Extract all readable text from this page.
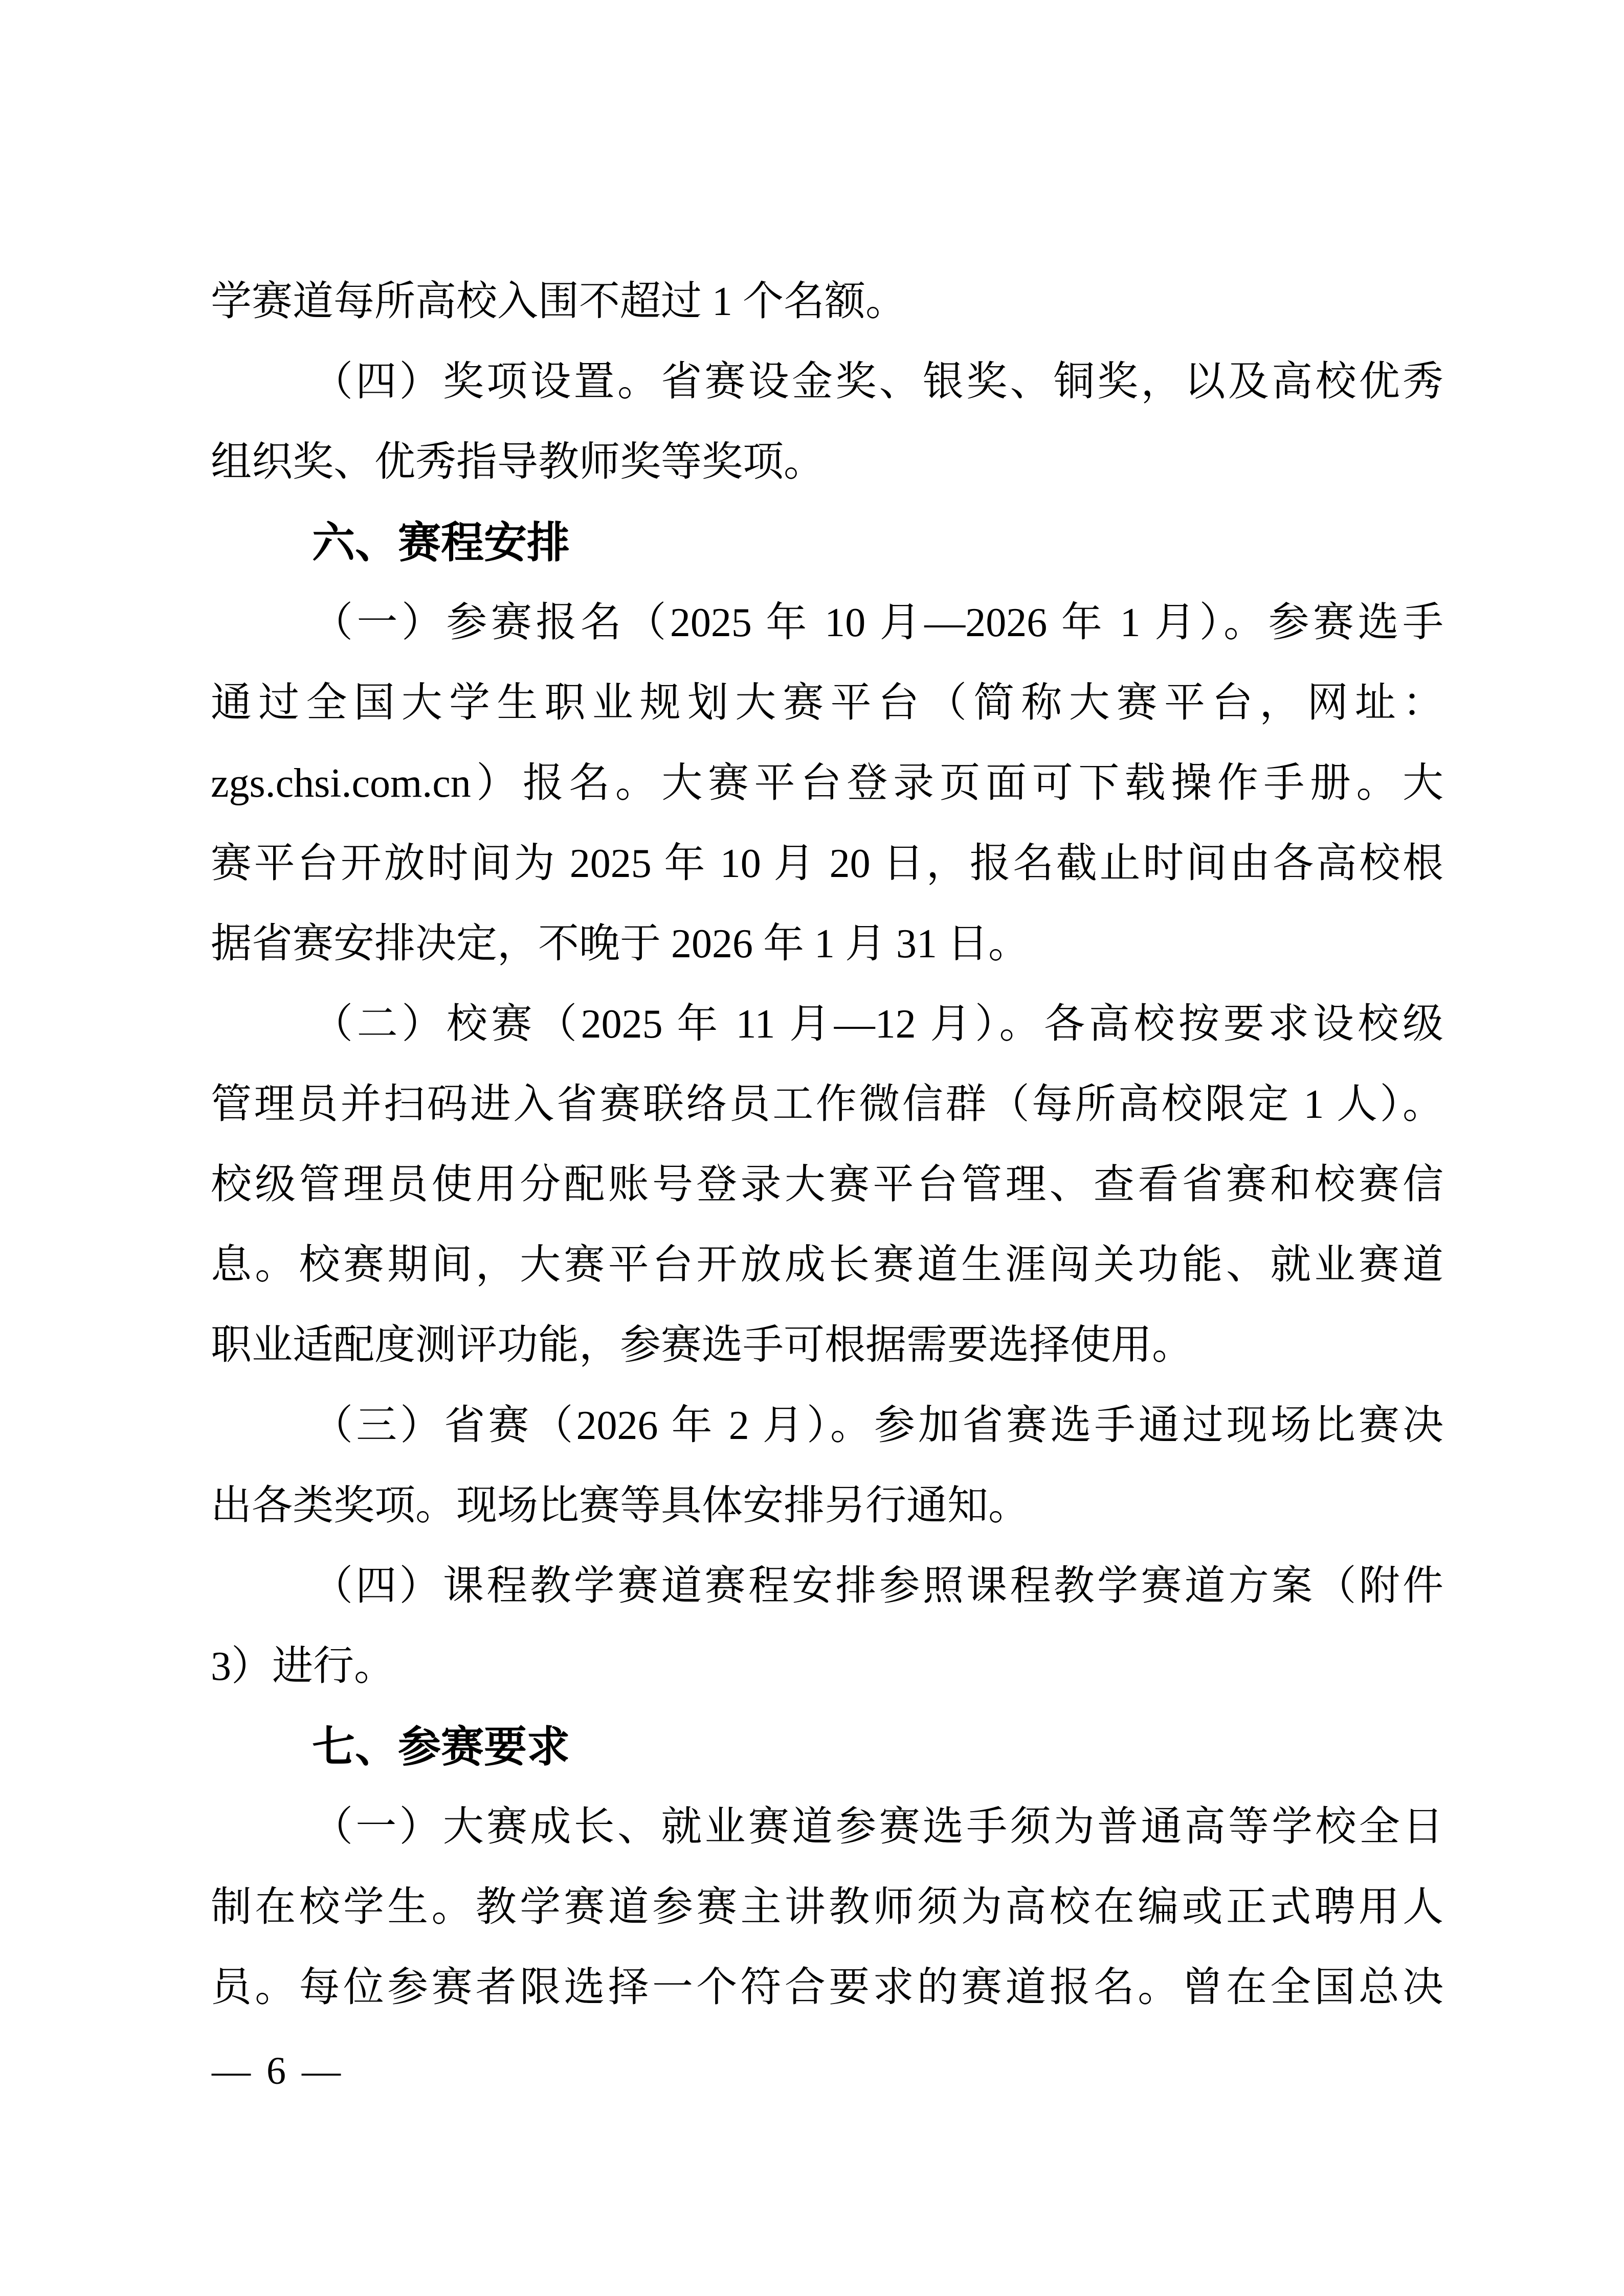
学赛道每所高校入围不超过 1 个名额。
（四）奖项设置。省赛设金奖、银奖、铜奖，以及高校优秀
组织奖、优秀指导教师奖等奖项。
六、赛程安排
（一）参赛报名（2025 年 10 月—2026 年 1 月）。参赛选手
通过全国大学生职业规划大赛平台（简称大赛平台，网址：
zgs.chsi.com.cn）报名。大赛平台登录页面可下载操作手册。大
赛平台开放时间为 2025 年 10 月 20 日，报名截止时间由各高校根
据省赛安排决定，不晚于 2026 年 1 月 31 日。
（二）校赛（2025 年 11 月—12 月）。各高校按要求设校级
管理员并扫码进入省赛联络员工作微信群（每所高校限定 1 人）。
校级管理员使用分配账号登录大赛平台管理、查看省赛和校赛信
息。校赛期间，大赛平台开放成长赛道生涯闯关功能、就业赛道
职业适配度测评功能，参赛选手可根据需要选择使用。
（三）省赛（2026 年 2 月）。参加省赛选手通过现场比赛决
出各类奖项。现场比赛等具体安排另行通知。
（四）课程教学赛道赛程安排参照课程教学赛道方案（附件
3）进行。
七、参赛要求
（一）大赛成长、就业赛道参赛选手须为普通高等学校全日
制在校学生。教学赛道参赛主讲教师须为高校在编或正式聘用人
员。每位参赛者限选择一个符合要求的赛道报名。曾在全国总决
— 6 —
